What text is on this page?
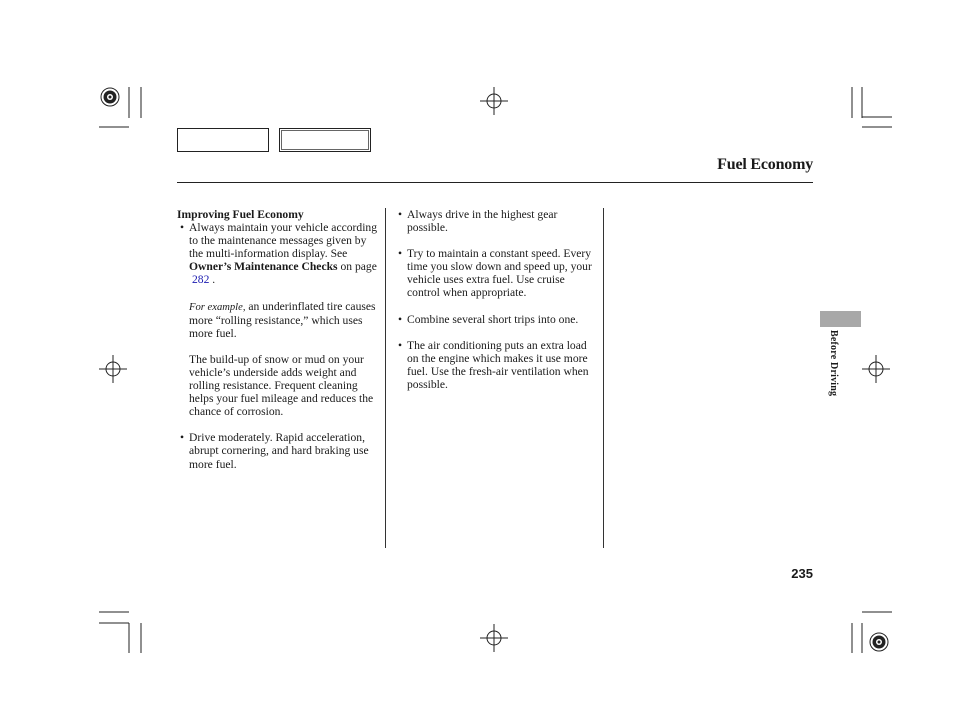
Fuel Economy
Improving Fuel Economy
• Always maintain your vehicle according to the maintenance messages given by the multi-information display. See Owner’s Maintenance Checks on page
282 .
For example, an underinflated tire causes more “rolling resistance,” which uses more fuel.
The build-up of snow or mud on your vehicle’s underside adds weight and rolling resistance. Frequent cleaning helps your fuel mileage and reduces the chance of corrosion.
• Drive moderately. Rapid acceleration, abrupt cornering, and hard braking use more fuel.
• Always drive in the highest gear possible.
• Try to maintain a constant speed. Every time you slow down and speed up, your vehicle uses extra fuel. Use cruise control when appropriate.
• Combine several short trips into one.
• The air conditioning puts an extra load on the engine which makes it use more fuel. Use the fresh-air ventilation when possible.	Before Driving
235
